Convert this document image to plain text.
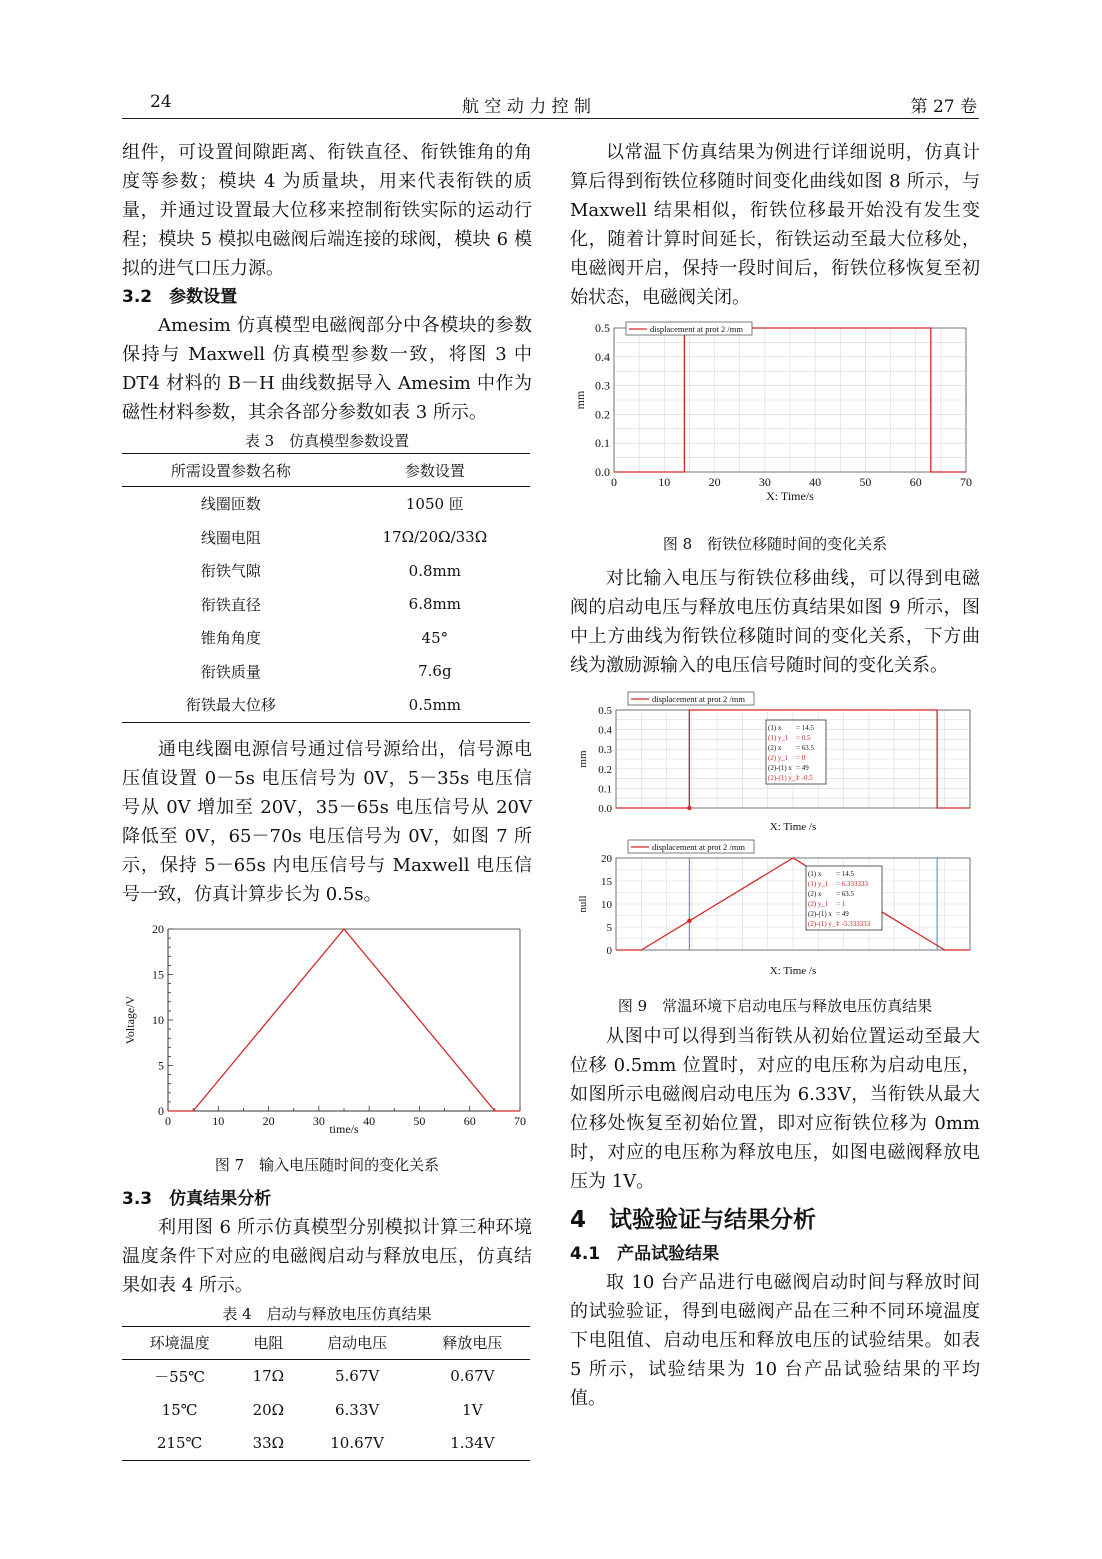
24	航 空 动 力 控 制	第 27 卷

组件，可设置间隙距离、衔铁直径、衔铁锥角的角度等参数；模块 4 为质量块，用来代表衔铁的质量，并通过设置最大位移来控制衔铁实际的运动行程；模块 5 模拟电磁阀后端连接的球阀，模块 6 模拟的进气口压力源。

3.2　参数设置

Amesim 仿真模型电磁阀部分中各模块的参数保持与 Maxwell 仿真模型参数一致，将图 3 中 DT4 材料的 B－H 曲线数据导入 Amesim 中作为磁性材料参数，其余各部分参数如表 3 所示。

表 3　仿真模型参数设置

所需设置参数名称	参数设置
线圈匝数	1050 匝
线圈电阻	17Ω/20Ω/33Ω
衔铁气隙	0.8mm
衔铁直径	6.8mm
锥角角度	45°
衔铁质量	7.6g
衔铁最大位移	0.5mm

通电线圈电源信号通过信号源给出，信号源电压值设置 0－5s 电压信号为 0V，5－35s 电压信号从 0V 增加至 20V，35－65s 电压信号从 20V 降低至 0V，65－70s 电压信号为 0V，如图 7 所示，保持 5－65s 内电压信号与 Maxwell 电压信号一致，仿真计算步长为 0.5s。

0	10	20	30	40	50	60	70
0
5
10
15
20
time/s
Voltage/V

图 7　输入电压随时间的变化关系

3.3　仿真结果分析

利用图 6 所示仿真模型分别模拟计算三种环境温度条件下对应的电磁阀启动与释放电压，仿真结果如表 4 所示。

表 4　启动与释放电压仿真结果

环境温度	电阻	启动电压	释放电压
－55℃	17Ω	5.67V	0.67V
15℃	20Ω	6.33V	1V
215℃	33Ω	10.67V	1.34V

以常温下仿真结果为例进行详细说明，仿真计算后得到衔铁位移随时间变化曲线如图 8 所示，与 Maxwell 结果相似，衔铁位移最开始没有发生变化，随着计算时间延长，衔铁运动至最大位移处，电磁阀开启，保持一段时间后，衔铁位移恢复至初始状态，电磁阀关闭。

0	10	20	30	40	50	60	70
0.0
0.1
0.2
0.3
0.4
0.5
X: Time/s
mm
displacement at prot 2 /mm

图 8　衔铁位移随时间的变化关系

对比输入电压与衔铁位移曲线，可以得到电磁阀的启动电压与释放电压仿真结果如图 9 所示，图中上方曲线为衔铁位移随时间的变化关系，下方曲线为激励源输入的电压信号随时间的变化关系。

0.0
0.1
0.2
0.3
0.4
0.5
X: Time /s
mm
displacement at prot 2 /mm
(1) x = 14.5
(1) y_1 = 0.5
(2) x = 63.5
(2) y_1 = 0
(2)-(1) x = 49
(2)-(1) y_1
= -0.5
0
5
10
15
20
X: Time /s
null
displacement at prot 2 /mm
(1) x = 14.5
(1) y_1 = 6.333333
(2) x = 63.5
(2) y_1 = 1
(2)-(1) x = 49
(2)-(1) y_1
= -5.333333

图 9　常温环境下启动电压与释放电压仿真结果

从图中可以得到当衔铁从初始位置运动至最大位移 0.5mm 位置时，对应的电压称为启动电压，如图所示电磁阀启动电压为 6.33V，当衔铁从最大位移处恢复至初始位置，即对应衔铁位移为 0mm 时，对应的电压称为释放电压，如图电磁阀释放电压为 1V。

4　试验验证与结果分析

4.1　产品试验结果

取 10 台产品进行电磁阀启动时间与释放时间的试验验证，得到电磁阀产品在三种不同环境温度下电阻值、启动电压和释放电压的试验结果。如表 5 所示，试验结果为 10 台产品试验结果的平均值。
